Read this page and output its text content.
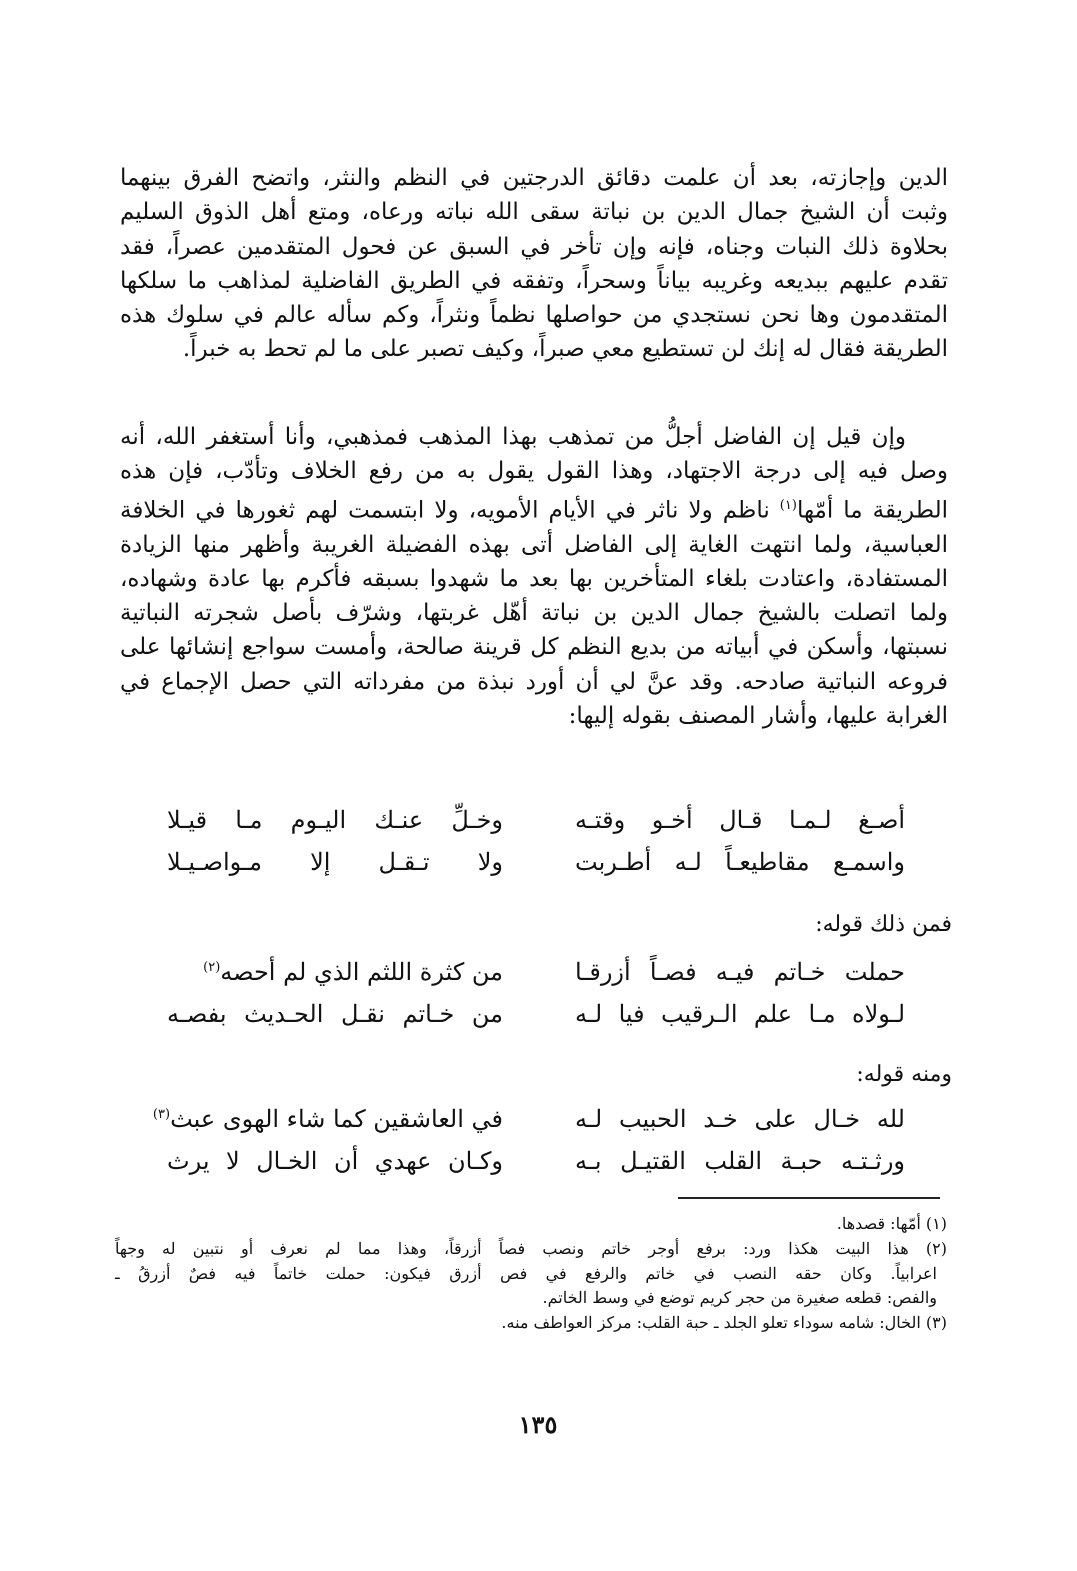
الدين وإجازته، بعد أن علمت دقائق الدرجتين في النظم والنثر، واتضح الفرق بينهما
وثبت أن الشيخ جمال الدين بن نباتة سقى الله نباته ورعاه، ومتع أهل الذوق السليم
بحلاوة ذلك النبات وجناه، فإنه وإن تأخر في السبق عن فحول المتقدمين عصراً، فقد
تقدم عليهم ببديعه وغريبه بياناً وسحراً، وتفقه في الطريق الفاضلية لمذاهب ما سلكها
المتقدمون وها نحن نستجدي من حواصلها نظماً ونثراً، وكم سأله عالم في سلوك هذه
الطريقة فقال له إنك لن تستطيع معي صبراً، وكيف تصبر على ما لم تحط به خبراً.
وإن قيل إن الفاضل أجلُّ من تمذهب بهذا المذهب فمذهبي، وأنا أستغفر الله، أنه
وصل فيه إلى درجة الاجتهاد، وهذا القول يقول به من رفع الخلاف وتأدّب، فإن هذه
الطريقة ما أمّها$^{(١)}$ ناظم ولا ناثر في الأيام الأمويه، ولا ابتسمت لهم ثغورها في الخلافة
العباسية، ولما انتهت الغاية إلى الفاضل أتى بهذه الفضيلة الغريبة وأظهر منها الزيادة
المستفادة، واعتادت بلغاء المتأخرين بها بعد ما شهدوا بسبقه فأكرم بها عادة وشهاده،
ولما اتصلت بالشيخ جمال الدين بن نباتة أهّل غربتها، وشرّف بأصل شجرته النباتية
نسبتها، وأسكن في أبياته من بديع النظم كل قرينة صالحة، وأمست سواجع إنشائها على
فروعه النباتية صادحه. وقد عنَّ لي أن أورد نبذة من مفرداته التي حصل الإجماع في
الغرابة عليها، وأشار المصنف بقوله إليها:
أصـغ لـمـا قـال أخـو وقتـه
وخـلِّ عنـك اليـوم مـا قيـلا
واسمـع مقاطيعـاً لـه أطـربت
ولا تـقـل إلا مـواصـيـلا
فمن ذلك قوله:
حملت خـاتم فيـه فصـاً أزرقـا
من كثرة اللثم الذي لم أحصه$^{(٢)}$
لـولاه مـا علم الـرقيب فيا لـه
من خـاتم نقـل الحـديث بفصـه
ومنه قوله:
لله خـال على خـد الحبيب لـه
في العاشقين كما شاء الهوى عبث$^{(٣)}$
ورثـتـه حبـة القلب القتيـل بـه
وكـان عهدي أن الخـال لا يرث
(١) أمّها: قصدها.
(٢) هذا البيت هكذا ورد: برفع أوجر خاتم ونصب فصاً أزرقاً، وهذا مما لم نعرف أو نتبين له وجهاً
اعرابياً. وكان حقه النصب في خاتم والرفع في فص أزرق فيكون: حملت خاتماً فيه فصٌ أزرقُ ـ
والفص: قطعه صغيرة من حجر كريم توضع في وسط الخاتم.
(٣) الخال: شامه سوداء تعلو الجلد ـ حبة القلب: مركز العواطف منه.
١٣٥
